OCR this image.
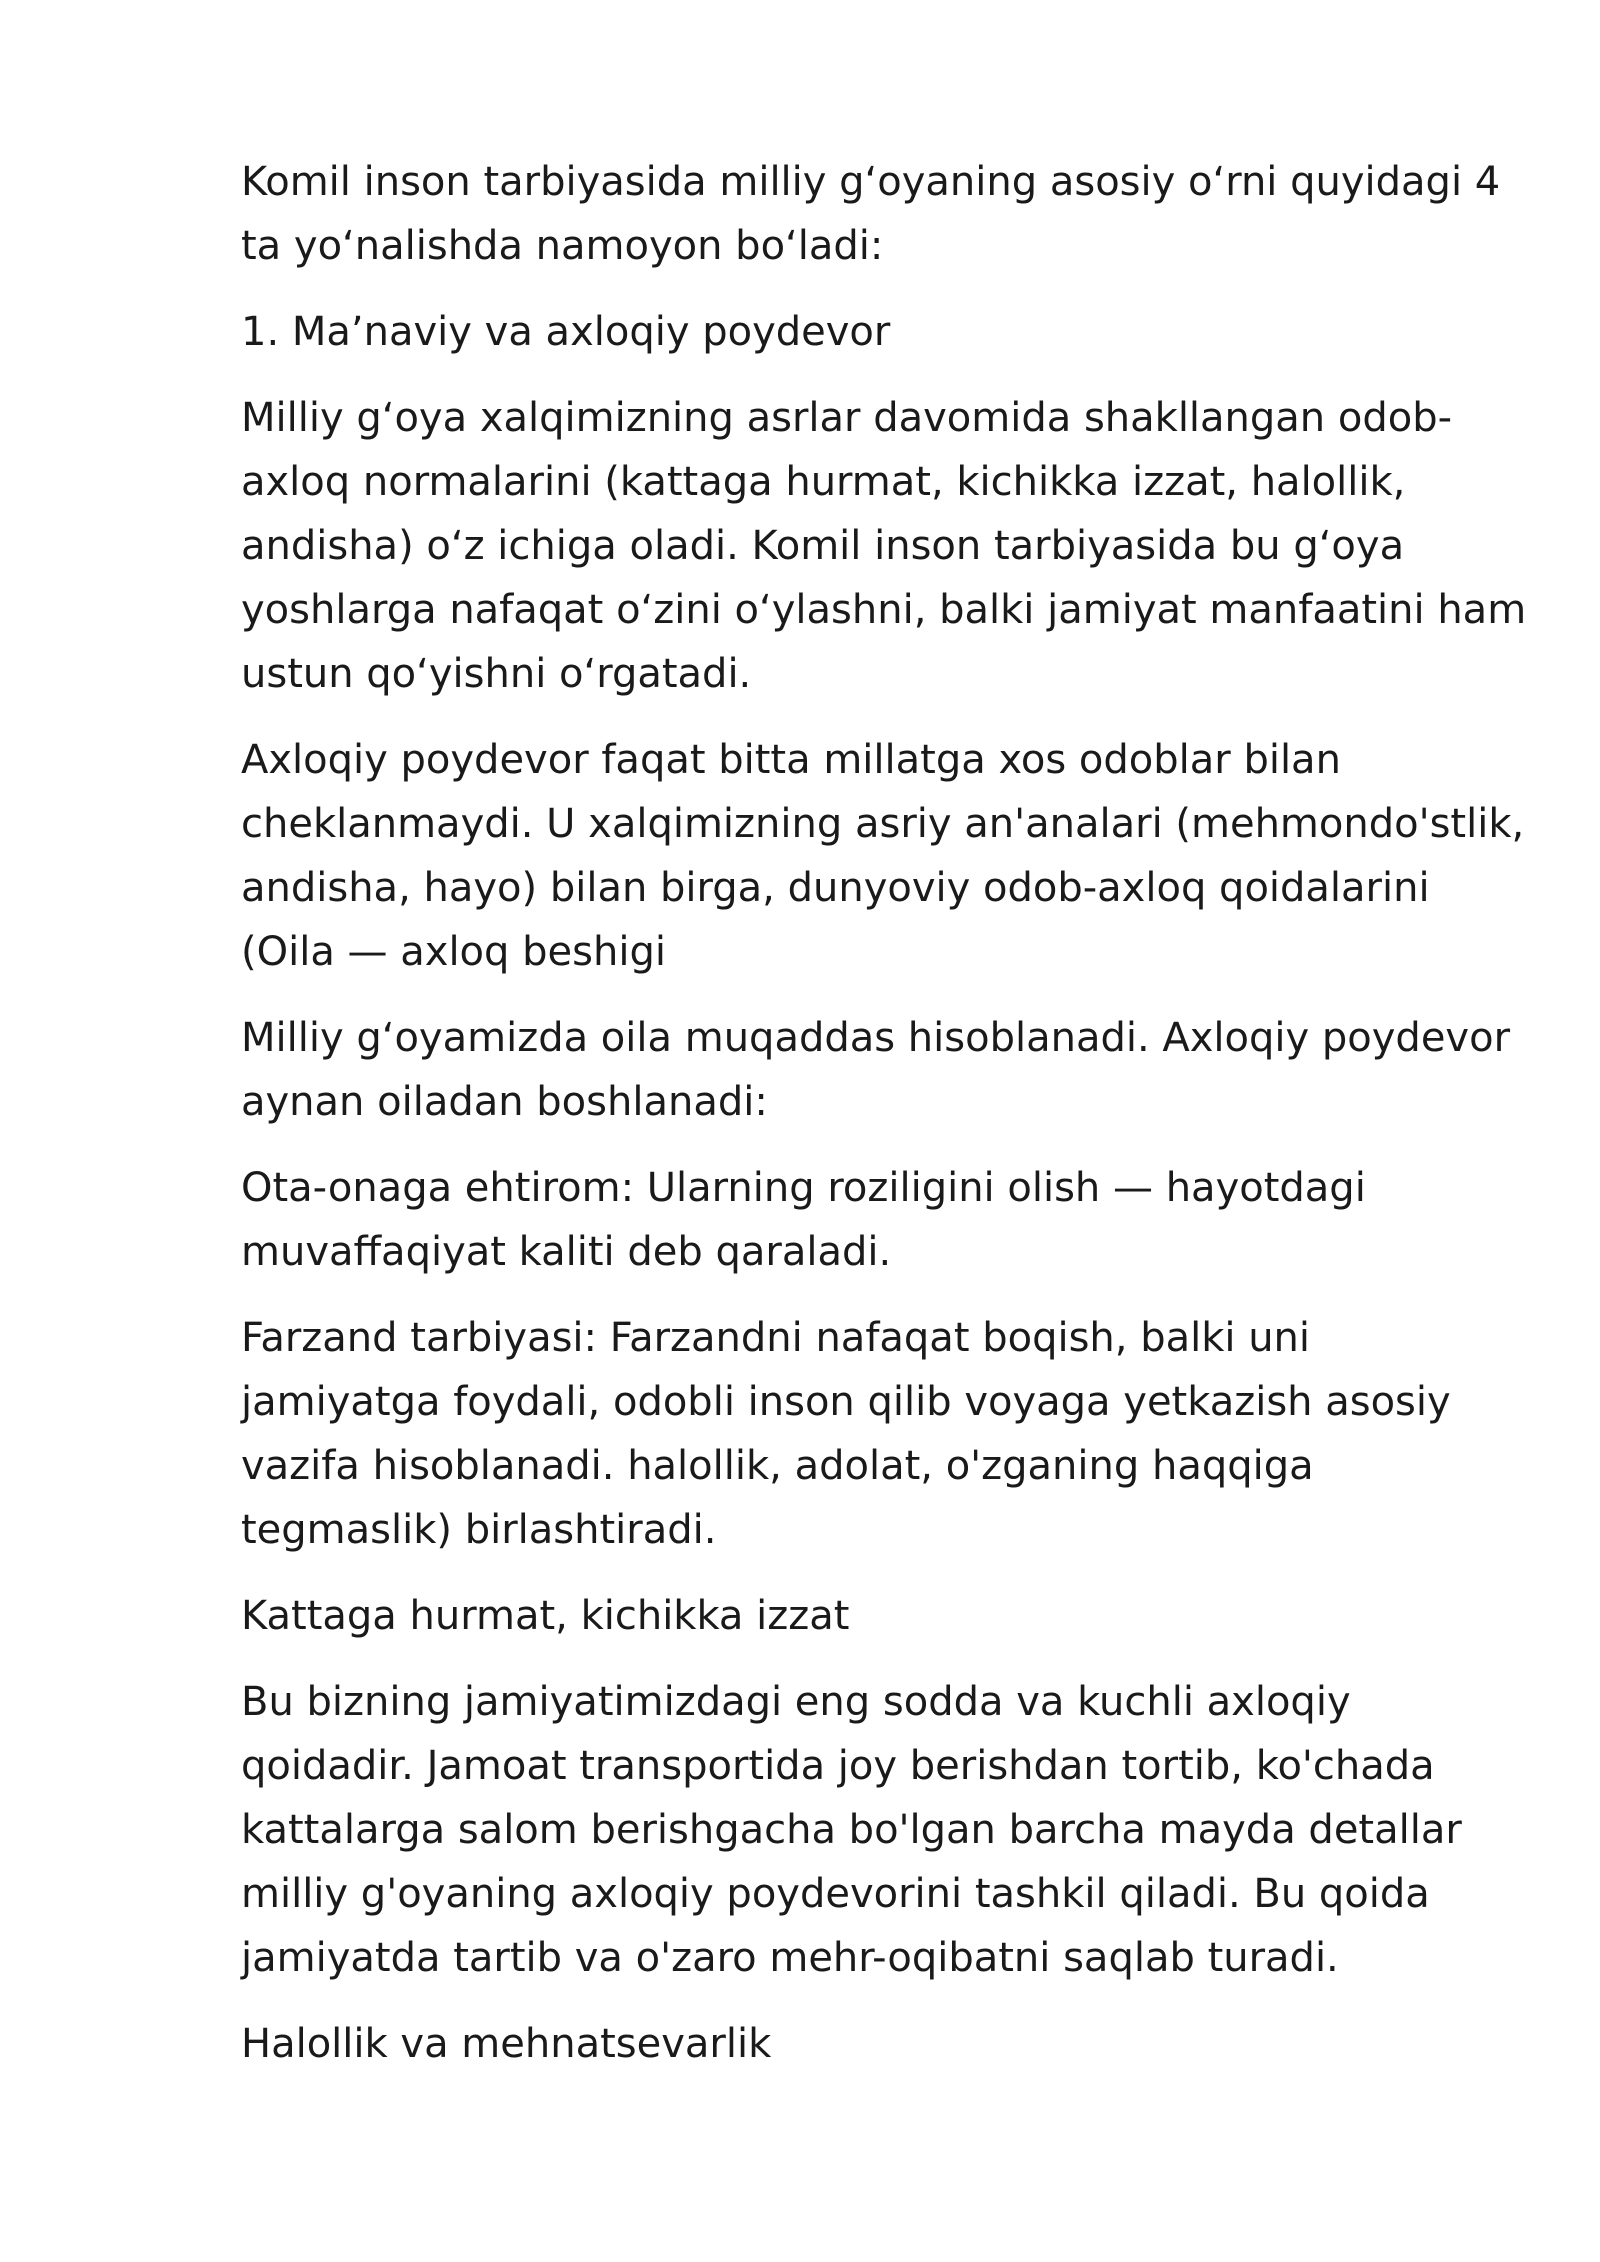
Komil inson tarbiyasida milliy g‘oyaning asosiy o‘rni quyidagi 4
ta yo‘nalishda namoyon bo‘ladi:

1. Ma’naviy va axloqiy poydevor

Milliy g‘oya xalqimizning asrlar davomida shakllangan odob-
axloq normalarini (kattaga hurmat, kichikka izzat, halollik,
andisha) o‘z ichiga oladi. Komil inson tarbiyasida bu g‘oya
yoshlarga nafaqat o‘zini o‘ylashni, balki jamiyat manfaatini ham
ustun qo‘yishni o‘rgatadi.

Axloqiy poydevor faqat bitta millatga xos odoblar bilan
cheklanmaydi. U xalqimizning asriy an'analari (mehmondo'stlik,
andisha, hayo) bilan birga, dunyoviy odob-axloq qoidalarini
(Oila — axloq beshigi

Milliy g‘oyamizda oila muqaddas hisoblanadi. Axloqiy poydevor
aynan oiladan boshlanadi:

Ota-onaga ehtirom: Ularning roziligini olish — hayotdagi
muvaffaqiyat kaliti deb qaraladi.

Farzand tarbiyasi: Farzandni nafaqat boqish, balki uni
jamiyatga foydali, odobli inson qilib voyaga yetkazish asosiy
vazifa hisoblanadi. halollik, adolat, o'zganing haqqiga
tegmaslik) birlashtiradi.

Kattaga hurmat, kichikka izzat

Bu bizning jamiyatimizdagi eng sodda va kuchli axloqiy
qoidadir. Jamoat transportida joy berishdan tortib, ko'chada
kattalarga salom berishgacha bo'lgan barcha mayda detallar
milliy g'oyaning axloqiy poydevorini tashkil qiladi. Bu qoida
jamiyatda tartib va o'zaro mehr-oqibatni saqlab turadi.

Halollik va mehnatsevarlik
